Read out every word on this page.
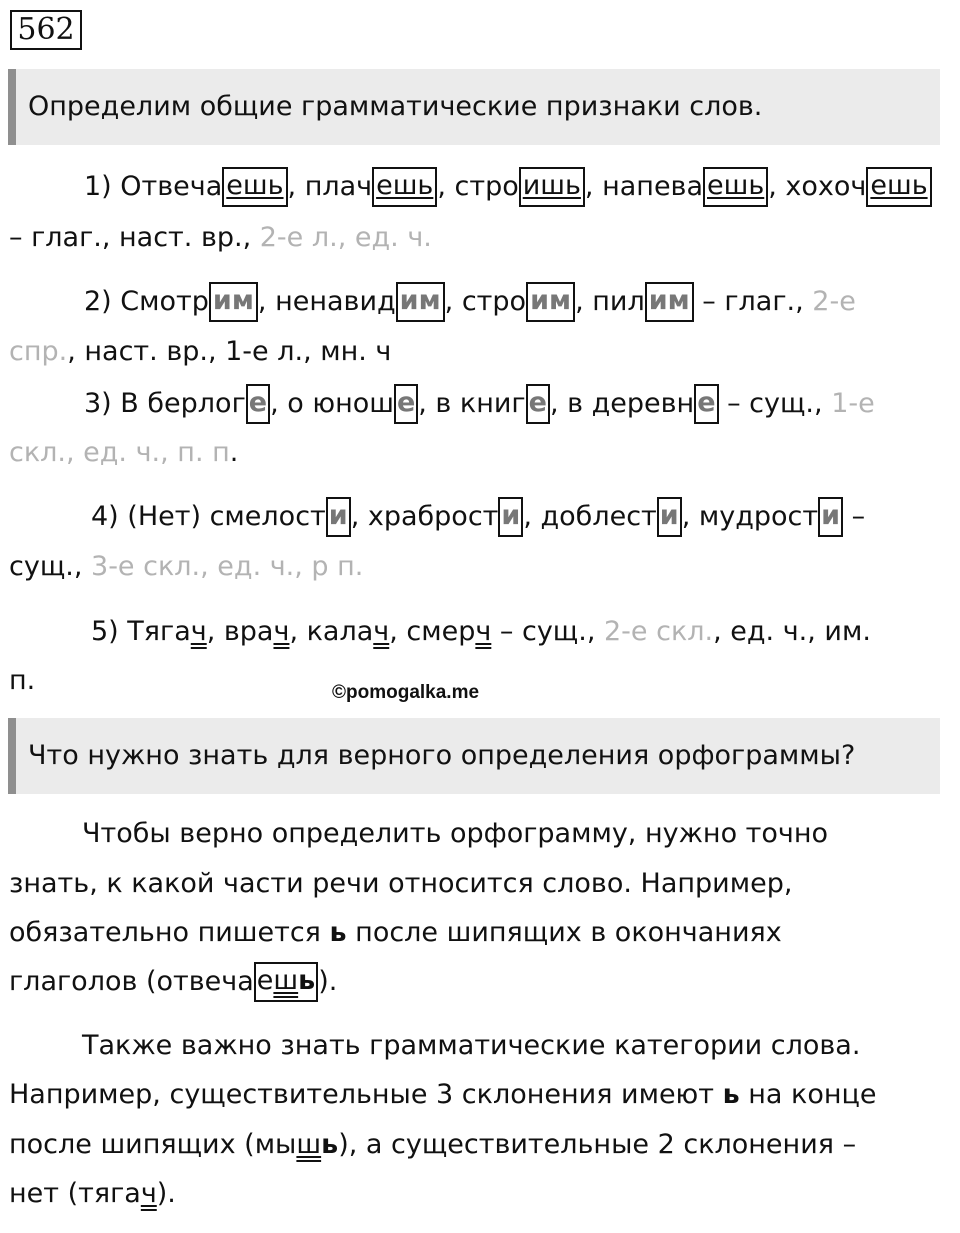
562
Определим общие грамматические признаки слов.
1) Отвеча ешь , плач ешь , стро ишь , напева ешь , хохоч ешь
– глаг., наст. вр., 2-е л., ед. ч.
2) Смотр им , ненавид им , стро им , пил им – глаг., 2-е
спр., наст. вр., 1-е л., мн. ч
3) В берлог е , о юнош е , в книг е , в деревн е – сущ., 1-е
скл., ед. ч., п. п.
4) (Нет) смелост и , храброст и , доблест и , мудрост и –
сущ., 3-е скл., ед. ч., р п.
5) Тягач, врач, калач, смерч – сущ., 2-е скл., ед. ч., им.
п.	©pomogalka.me
Что нужно знать для верного определения орфограммы?
Чтобы верно определить орфограмму, нужно точно
знать, к какой части речи относится слово. Например,
обязательно пишется ь после шипящих в окончаниях
глаголов (отвеча ешь ).
Также важно знать грамматические категории слова.
Например, существительные 3 склонения имеют ь на конце
после шипящих (мышь), а существительные 2 склонения –
нет (тягач).
